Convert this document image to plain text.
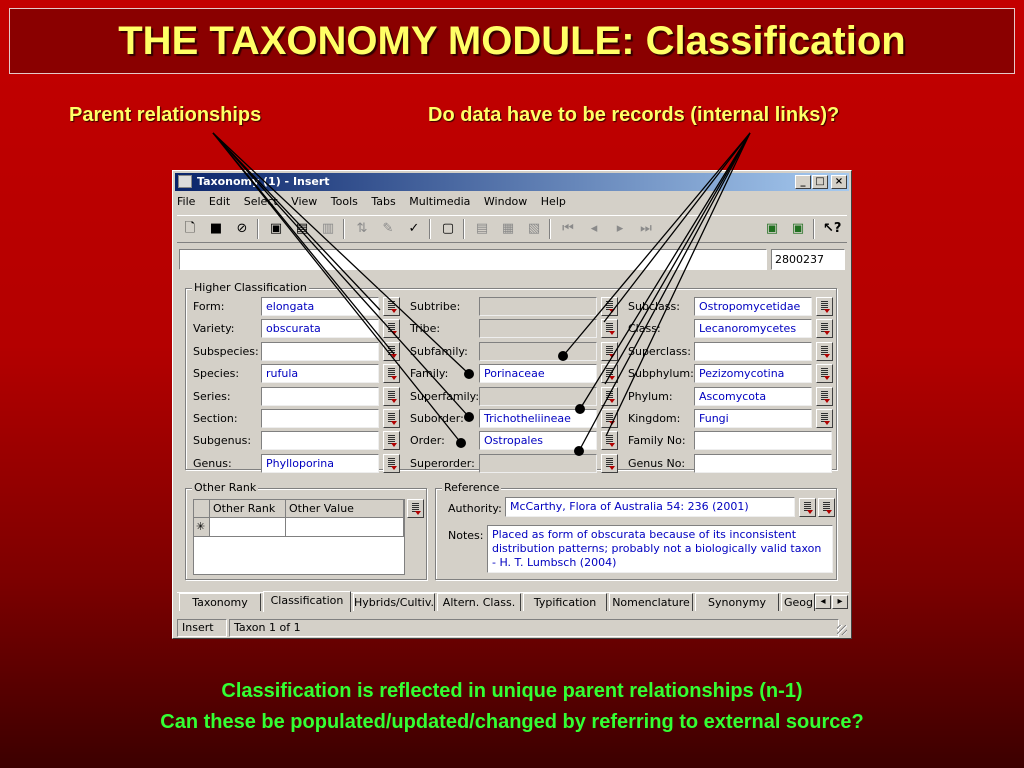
THE TAXONOMY MODULE: Classification
Parent relationships	Do data have to be records (internal links)?
Taxonomy (1) - Insert	_ □	×
File Edit Select View Tools Tabs Multimedia Window Help
🗋 ■ ⊘ ▣ ▤ ▥ ⇅ ✎ ✓ ▢ ▤ ▦ ▧ ⏮	◂	▸	⏭	▣ ▣ ↖?
2800237
Higher Classification
Other Rank
Other Rank	Other Value
✳
Reference
Authority: McCarthy, Flora of Australia 54: 236 (2001)
Notes: Placed as form of obscurata because of its inconsistent
distribution patterns; probably not a biologically valid taxon
- H. T. Lumbsch (2004)
Taxonomy	Classification Hybrids/Cultiv. Altern. Class.	Typification	Nomenclature	Synonymy	Geog ◂	▸
Insert	Taxon 1 of 1
Form:	elongata
Variety:	obscurata
Subspecies:
Species:	rufula
Series:
Section:
Subgenus:
Genus:	Phylloporina
Subtribe:
Tribe:
Subfamily:
Family:	Porinaceae
Superfamily:
Suborder:	Trichotheliineae
Order:	Ostropales
Superorder:
Subclass:	Ostropomycetidae
Class:	Lecanoromycetes
Superclass:
Subphylum: Pezizomycotina
Phylum:	Ascomycota
Kingdom:	Fungi
Family No:
Genus No:
Classification is reflected in unique parent relationships (n-1)
Can these be populated/updated/changed by referring to external source?
